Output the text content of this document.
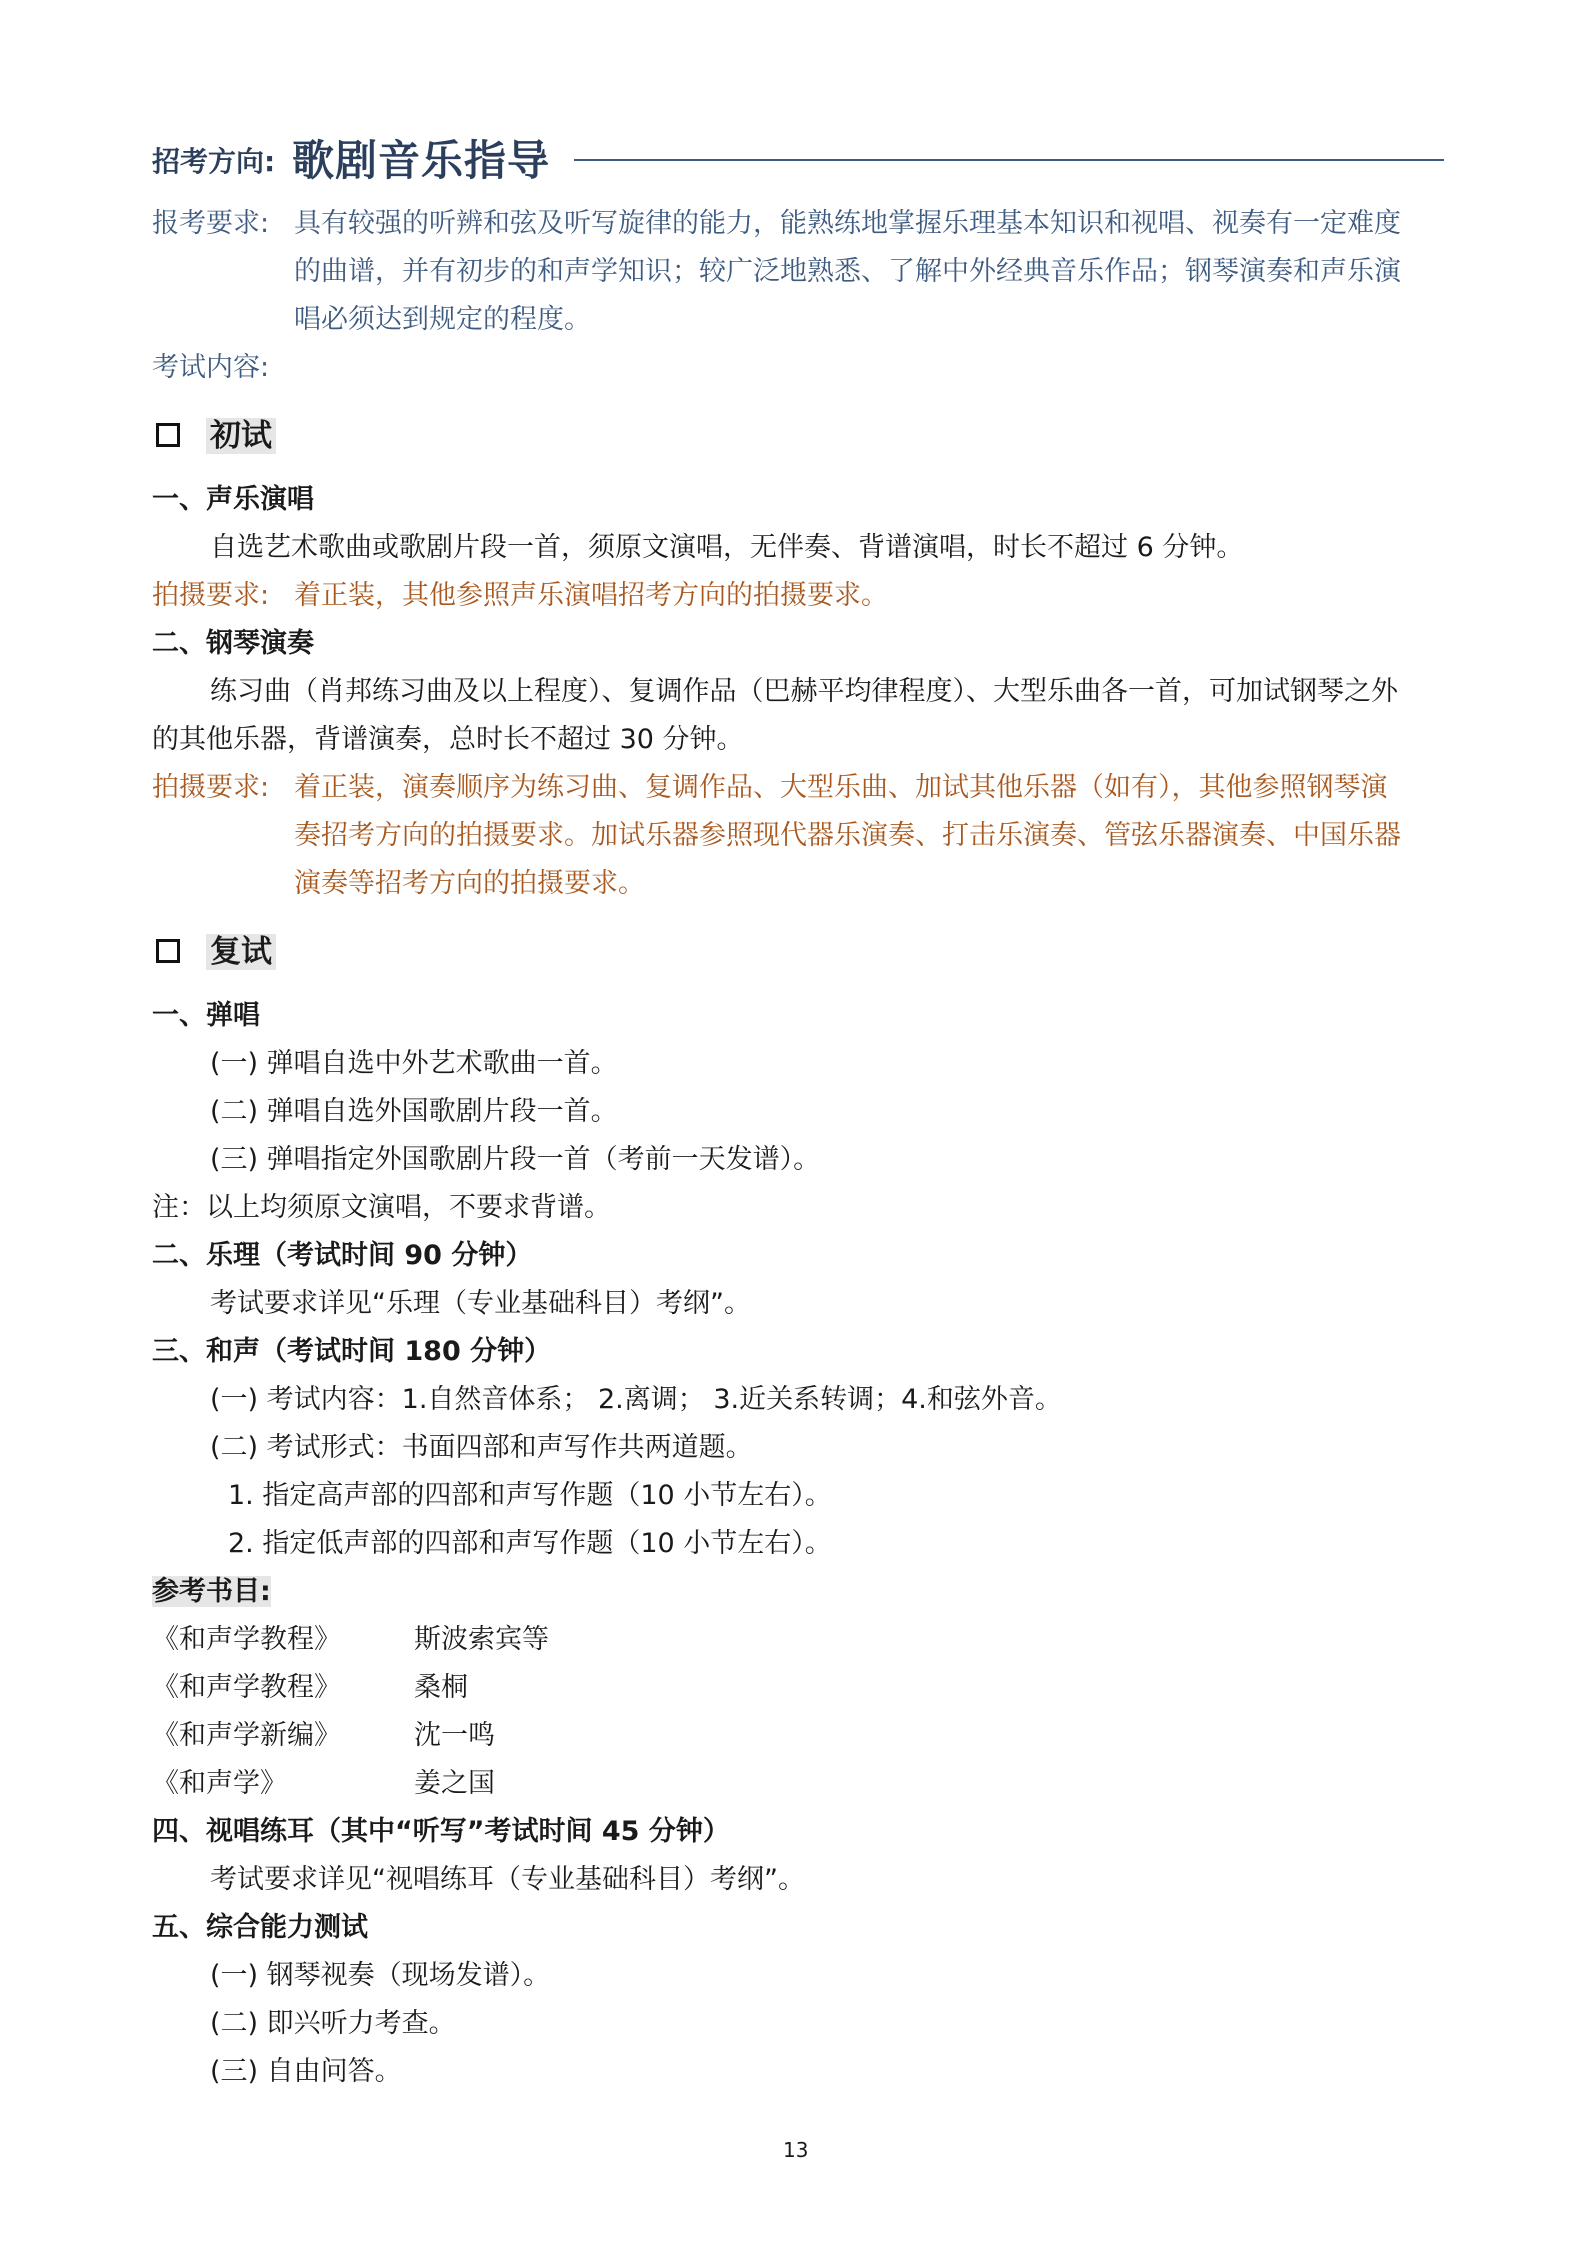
招考方向: 歌剧音乐指导
报考要求: 具有较强的听辨和弦及听写旋律的能力，能熟练地掌握乐理基本知识和视唱、视奏有一定难度
的曲谱，并有初步的和声学知识；较广泛地熟悉、了解中外经典音乐作品；钢琴演奏和声乐演
唱必须达到规定的程度。
考试内容:
初试
一、声乐演唱
自选艺术歌曲或歌剧片段一首，须原文演唱，无伴奏、背谱演唱，时长不超过 6 分钟。
拍摄要求: 着正装，其他参照声乐演唱招考方向的拍摄要求。
二、钢琴演奏
练习曲（肖邦练习曲及以上程度）、复调作品（巴赫平均律程度）、大型乐曲各一首，可加试钢琴之外
的其他乐器，背谱演奏，总时长不超过 30 分钟。
拍摄要求: 着正装，演奏顺序为练习曲、复调作品、大型乐曲、加试其他乐器（如有），其他参照钢琴演
奏招考方向的拍摄要求。加试乐器参照现代器乐演奏、打击乐演奏、管弦乐器演奏、中国乐器
演奏等招考方向的拍摄要求。
复试
一、弹唱
(一) 弹唱自选中外艺术歌曲一首。
(二) 弹唱自选外国歌剧片段一首。
(三) 弹唱指定外国歌剧片段一首（考前一天发谱）。
注：以上均须原文演唱，不要求背谱。
二、乐理（考试时间 90 分钟）
考试要求详见“乐理（专业基础科目）考纲”。
三、和声（考试时间 180 分钟）
(一) 考试内容：1.自然音体系； 2.离调； 3.近关系转调；4.和弦外音。
(二) 考试形式：书面四部和声写作共两道题。
1. 指定高声部的四部和声写作题（10 小节左右）。
2. 指定低声部的四部和声写作题（10 小节左右）。
参考书目:
《和声学教程》	斯波索宾等
《和声学教程》	桑桐
《和声学新编》	沈一鸣
《和声学》	姜之国
四、视唱练耳（其中“听写”考试时间 45 分钟）
考试要求详见“视唱练耳（专业基础科目）考纲”。
五、综合能力测试
(一) 钢琴视奏（现场发谱）。
(二) 即兴听力考查。
(三) 自由问答。
13
